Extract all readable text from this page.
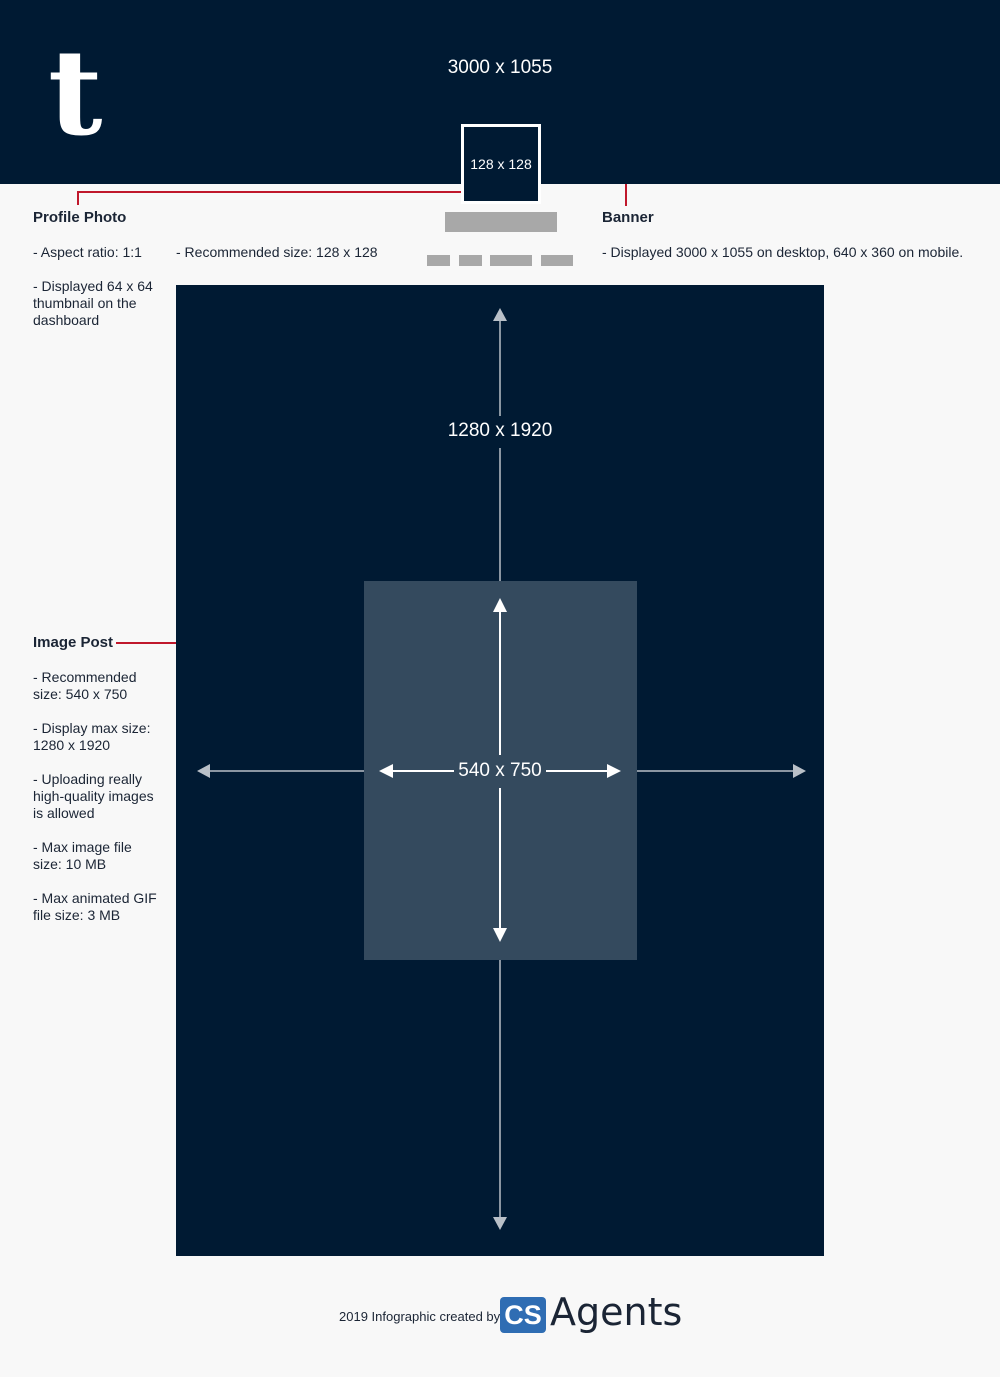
t	3000 x 1055
128 x 128
Profile Photo
- Aspect ratio: 1:1
- Displayed 64 x 64 thumbnail on the dashboard
- Recommended size: 128 x 128
Banner
- Displayed 3000 x 1055 on desktop, 640 x 360 on mobile.
1280 x 1920
540 x 750
Image Post
- Recommended size: 540 x 750
- Display max size: 1280 x 1920
- Uploading really high-quality images is allowed
- Max image file size: 10 MB
- Max animated GIF file size: 3 MB
2019 Infographic created by CS Agents
